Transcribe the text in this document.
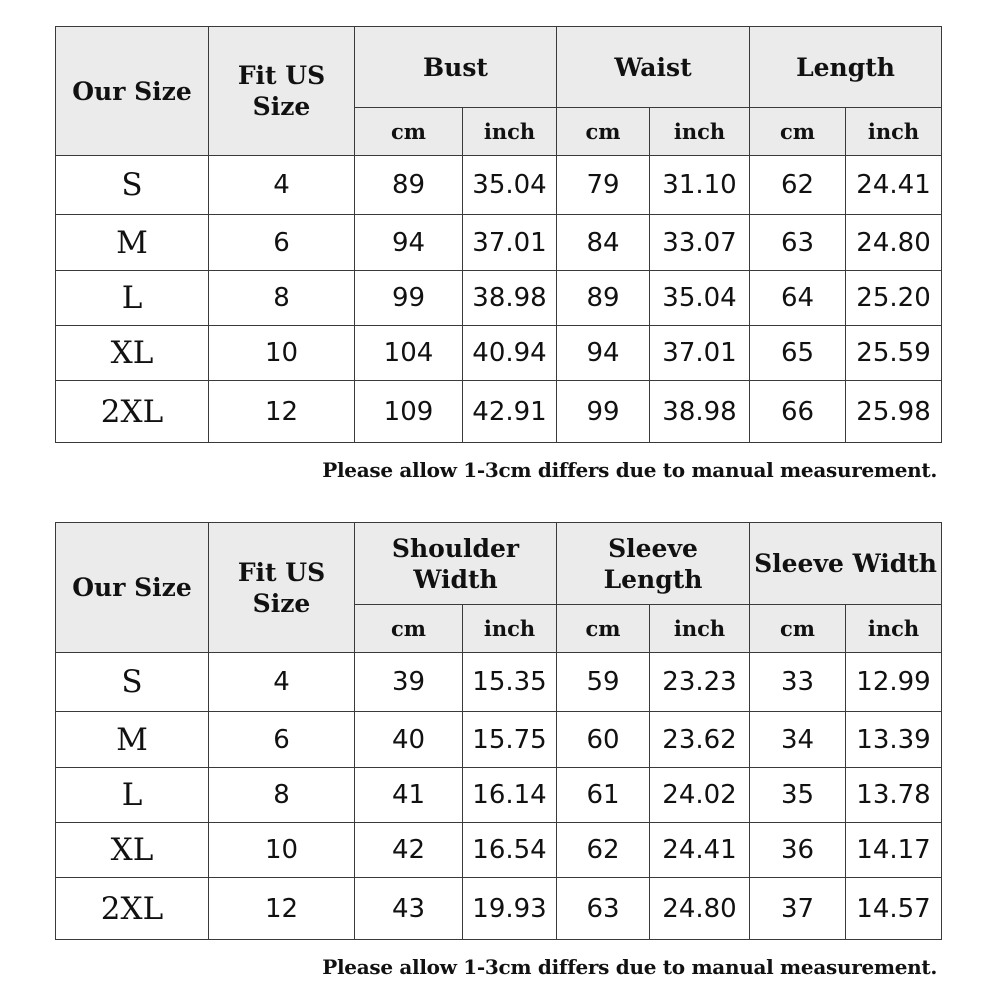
Our Size	Fit US Size	Bust		Waist		Length	
		cm	inch	cm	inch	cm	inch
S	4	89	35.04	79	31.10	62	24.41
M	6	94	37.01	84	33.07	63	24.80
L	8	99	38.98	89	35.04	64	25.20
XL	10	104	40.94	94	37.01	65	25.59
2XL	12	109	42.91	99	38.98	66	25.98
Please allow 1-3cm differs due to manual measurement.
Our Size	Fit US Size	Shoulder Width		Sleeve Length		Sleeve Width	
		cm	inch	cm	inch	cm	inch
S	4	39	15.35	59	23.23	33	12.99
M	6	40	15.75	60	23.62	34	13.39
L	8	41	16.14	61	24.02	35	13.78
XL	10	42	16.54	62	24.41	36	14.17
2XL	12	43	19.93	63	24.80	37	14.57
Please allow 1-3cm differs due to manual measurement.
